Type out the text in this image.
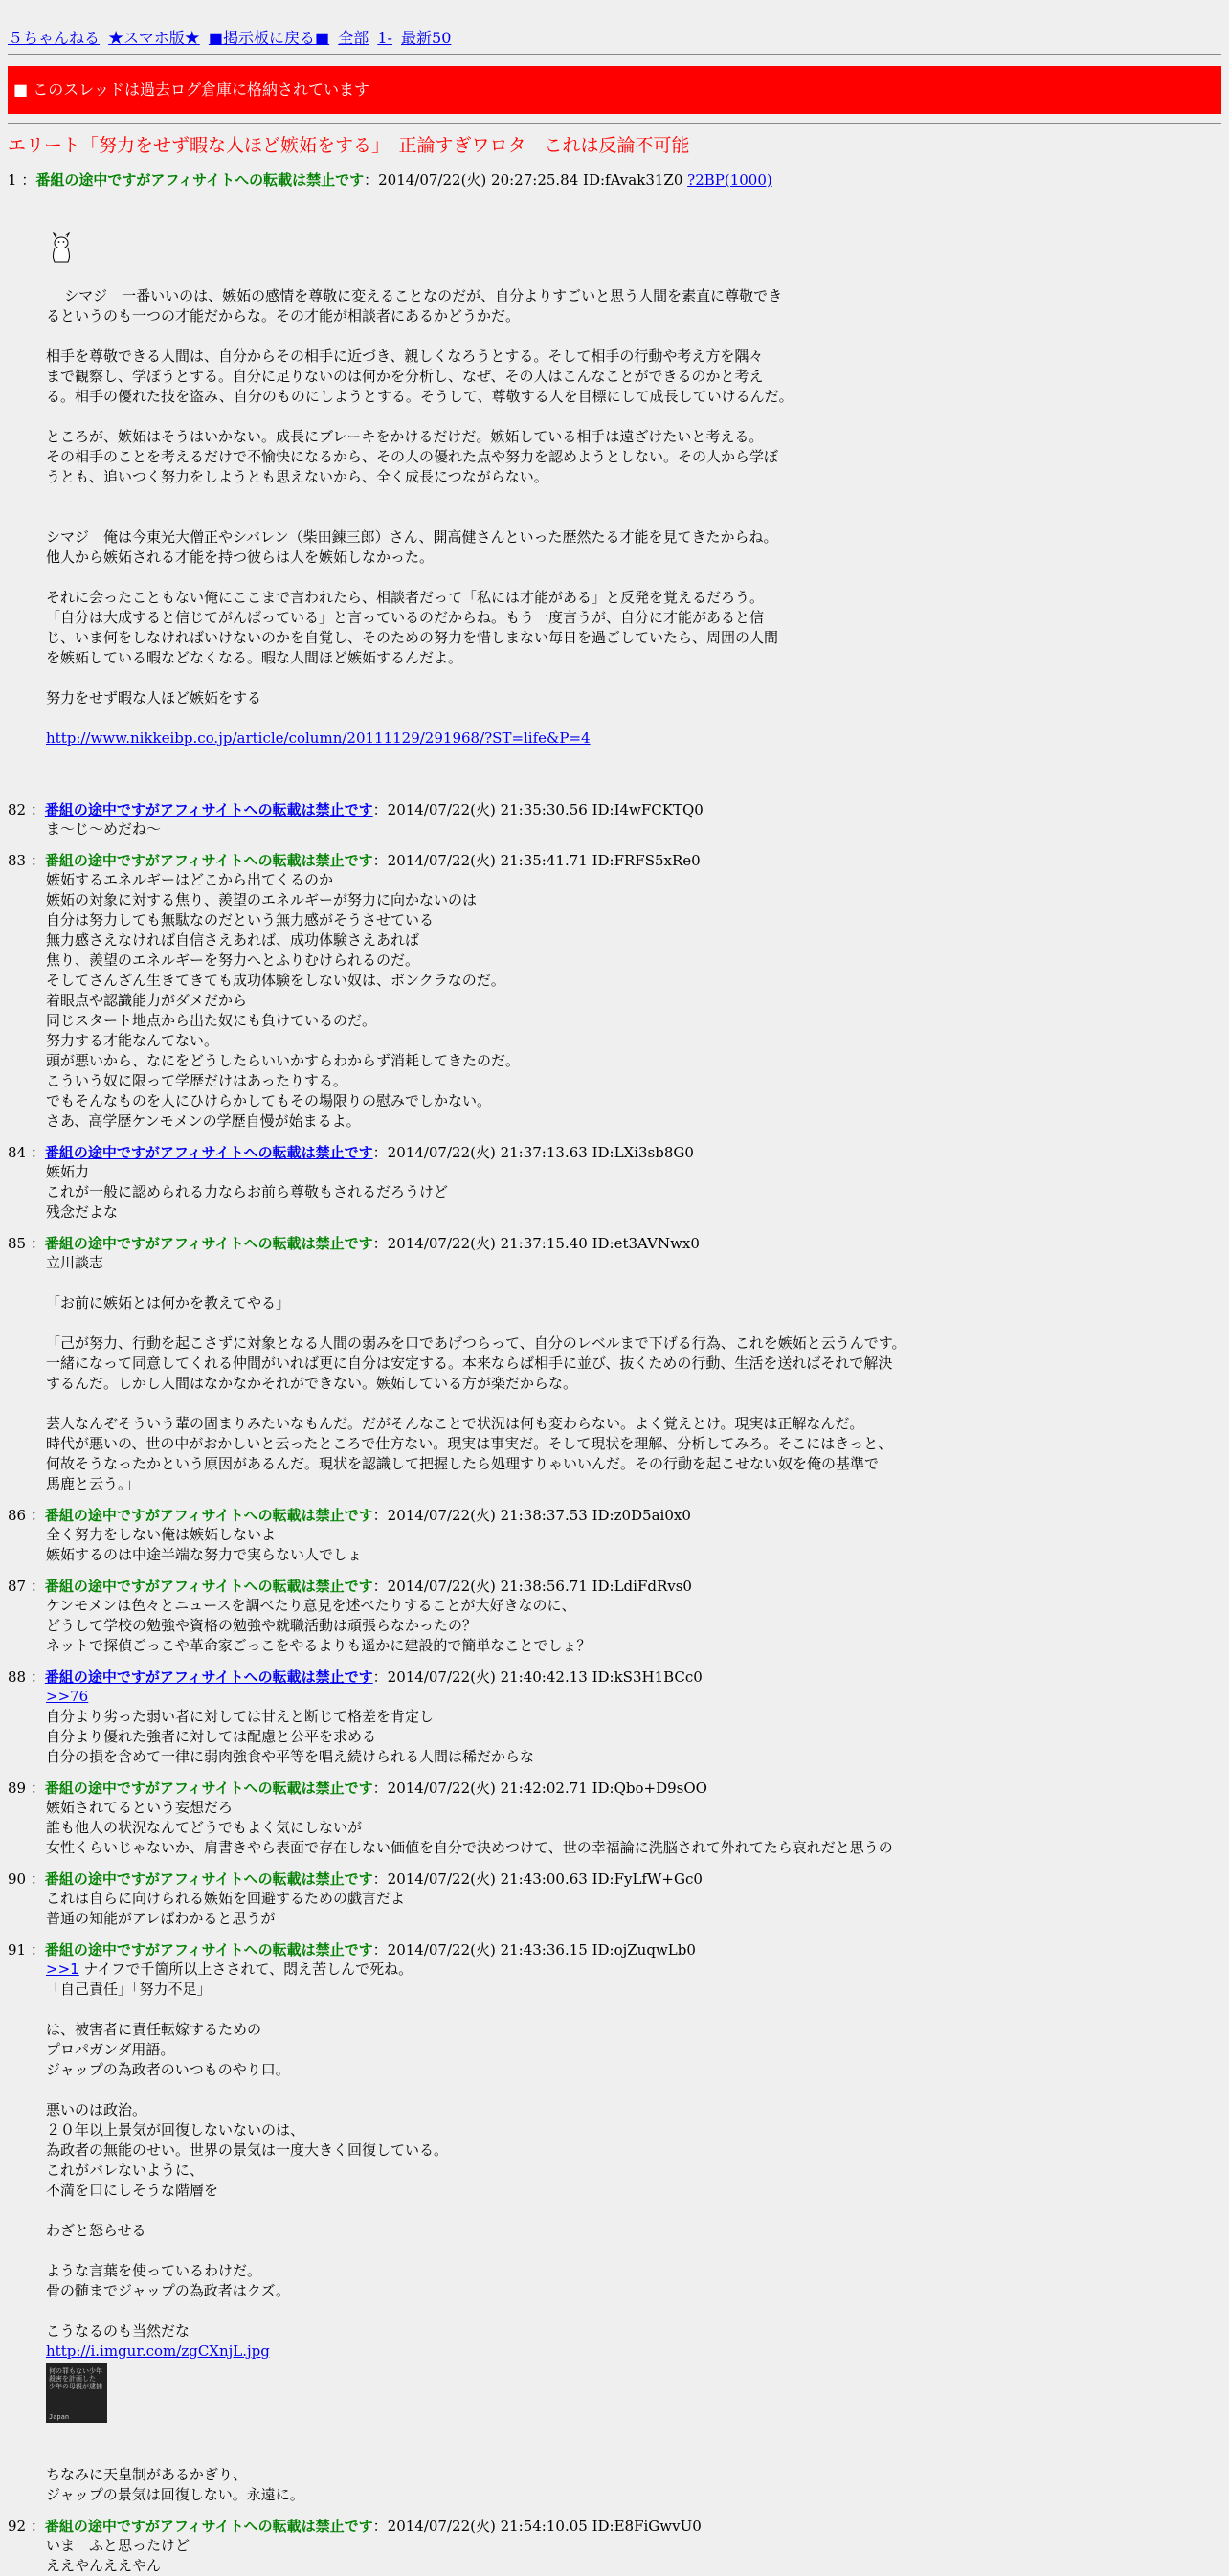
５ちゃんねる ★スマホ版★ ■掲示板に戻る■ 全部 1- 最新50
■ このスレッドは過去ログ倉庫に格納されています
エリート「努力をせず暇な人ほど嫉妬をする」　正論すぎワロタ　これは反論不可能
1 ：番組の途中ですがアフィサイトへの転載は禁止です：2014/07/22(火) 20:27:25.84 ID:fAvak31Z0 ?2BP(1000)

シマジ　一番いいのは、嫉妬の感情を尊敬に変えることなのだが、自分よりすごいと思う人間を素直に尊敬でき
るというのも一つの才能だからな。その才能が相談者にあるかどうかだ。

相手を尊敬できる人間は、自分からその相手に近づき、親しくなろうとする。そして相手の行動や考え方を隅々
まで観察し、学ぼうとする。自分に足りないのは何かを分析し、なぜ、その人はこんなことができるのかと考え
る。相手の優れた技を盗み、自分のものにしようとする。そうして、尊敬する人を目標にして成長していけるんだ。

ところが、嫉妬はそうはいかない。成長にブレーキをかけるだけだ。嫉妬している相手は遠ざけたいと考える。
その相手のことを考えるだけで不愉快になるから、その人の優れた点や努力を認めようとしない。その人から学ぼ
うとも、追いつく努力をしようとも思えないから、全く成長につながらない。

シマジ　俺は今東光大僧正やシバレン（柴田錬三郎）さん、開高健さんといった歴然たる才能を見てきたからね。
他人から嫉妬される才能を持つ彼らは人を嫉妬しなかった。

それに会ったこともない俺にここまで言われたら、相談者だって「私には才能がある」と反発を覚えるだろう。
「自分は大成すると信じてがんばっている」と言っているのだからね。もう一度言うが、自分に才能があると信
じ、いま何をしなければいけないのかを自覚し、そのための努力を惜しまない毎日を過ごしていたら、周囲の人間
を嫉妬している暇などなくなる。暇な人間ほど嫉妬するんだよ。

努力をせず暇な人ほど嫉妬をする

http://www.nikkeibp.co.jp/article/column/20111129/291968/?ST=life&P=4

82 ：番組の途中ですがアフィサイトへの転載は禁止です：2014/07/22(火) 21:35:30.56 ID:I4wFCKTQ0
ま～じ～めだね～
83 ：番組の途中ですがアフィサイトへの転載は禁止です：2014/07/22(火) 21:35:41.71 ID:FRFS5xRe0
嫉妬するエネルギーはどこから出てくるのか
嫉妬の対象に対する焦り、羨望のエネルギーが努力に向かないのは
自分は努力しても無駄なのだという無力感がそうさせている
無力感さえなければ自信さえあれば、成功体験さえあれば
焦り、羨望のエネルギーを努力へとふりむけられるのだ。
そしてさんざん生きてきても成功体験をしない奴は、ボンクラなのだ。
着眼点や認識能力がダメだから
同じスタート地点から出た奴にも負けているのだ。
努力する才能なんてない。
頭が悪いから、なにをどうしたらいいかすらわからず消耗してきたのだ。
こういう奴に限って学歴だけはあったりする。
でもそんなものを人にひけらかしてもその場限りの慰みでしかない。
さあ、高学歴ケンモメンの学歴自慢が始まるよ。
84 ：番組の途中ですがアフィサイトへの転載は禁止です：2014/07/22(火) 21:37:13.63 ID:LXi3sb8G0
嫉妬力
これが一般に認められる力ならお前ら尊敬もされるだろうけど
残念だよな
85 ：番組の途中ですがアフィサイトへの転載は禁止です：2014/07/22(火) 21:37:15.40 ID:et3AVNwx0
立川談志

「お前に嫉妬とは何かを教えてやる」

「己が努力、行動を起こさずに対象となる人間の弱みを口であげつらって、自分のレベルまで下げる行為、これを嫉妬と云うんです。
一緒になって同意してくれる仲間がいれば更に自分は安定する。本来ならば相手に並び、抜くための行動、生活を送ればそれで解決
するんだ。しかし人間はなかなかそれができない。嫉妬している方が楽だからな。

芸人なんぞそういう輩の固まりみたいなもんだ。だがそんなことで状況は何も変わらない。よく覚えとけ。現実は正解なんだ。
時代が悪いの、世の中がおかしいと云ったところで仕方ない。現実は事実だ。そして現状を理解、分析してみろ。そこにはきっと、
何故そうなったかという原因があるんだ。現状を認識して把握したら処理すりゃいいんだ。その行動を起こせない奴を俺の基準で
馬鹿と云う。」
86 ：番組の途中ですがアフィサイトへの転載は禁止です：2014/07/22(火) 21:38:37.53 ID:z0D5ai0x0
全く努力をしない俺は嫉妬しないよ
嫉妬するのは中途半端な努力で実らない人でしょ
87 ：番組の途中ですがアフィサイトへの転載は禁止です：2014/07/22(火) 21:38:56.71 ID:LdiFdRvs0
ケンモメンは色々とニュースを調べたり意見を述べたりすることが大好きなのに、
どうして学校の勉強や資格の勉強や就職活動は頑張らなかったの？
ネットで探偵ごっこや革命家ごっこをやるよりも遥かに建設的で簡単なことでしょ？
88 ：番組の途中ですがアフィサイトへの転載は禁止です：2014/07/22(火) 21:40:42.13 ID:kS3H1BCc0
>>76
自分より劣った弱い者に対しては甘えと断じて格差を肯定し
自分より優れた強者に対しては配慮と公平を求める
自分の損を含めて一律に弱肉強食や平等を唱え続けられる人間は稀だからな
89 ：番組の途中ですがアフィサイトへの転載は禁止です：2014/07/22(火) 21:42:02.71 ID:Qbo+D9sOO
嫉妬されてるという妄想だろ
誰も他人の状況なんてどうでもよく気にしないが
女性くらいじゃないか、肩書きやら表面で存在しない価値を自分で決めつけて、世の幸福論に洗脳されて外れてたら哀れだと思うの
90 ：番組の途中ですがアフィサイトへの転載は禁止です：2014/07/22(火) 21:43:00.63 ID:FyLfW+Gc0
これは自らに向けられる嫉妬を回避するための戯言だよ
普通の知能がアレばわかると思うが
91 ：番組の途中ですがアフィサイトへの転載は禁止です：2014/07/22(火) 21:43:36.15 ID:ojZuqwLb0
>>1 ナイフで千箇所以上さされて、悶え苦しんで死ね。
「自己責任」「努力不足」

は、被害者に責任転嫁するための
プロパガンダ用語。
ジャップの為政者のいつものやり口。

悪いのは政治。
２０年以上景気が回復しないないのは、
為政者の無能のせい。世界の景気は一度大きく回復している。
これがバレないように、
不満を口にしそうな階層を

わざと怒らせる

ような言葉を使っているわけだ。
骨の髄までジャップの為政者はクズ。

こうなるのも当然だな
http://i.imgur.com/zgCXnjL.jpg
何の罪もない少年
殺害を計画した
少年の母親が逮捕
Japan

ちなみに天皇制があるかぎり、
ジャップの景気は回復しない。永遠に。
92 ：番組の途中ですがアフィサイトへの転載は禁止です：2014/07/22(火) 21:54:10.05 ID:E8FiGwvU0
いま　ふと思ったけど
ええやんええやん
